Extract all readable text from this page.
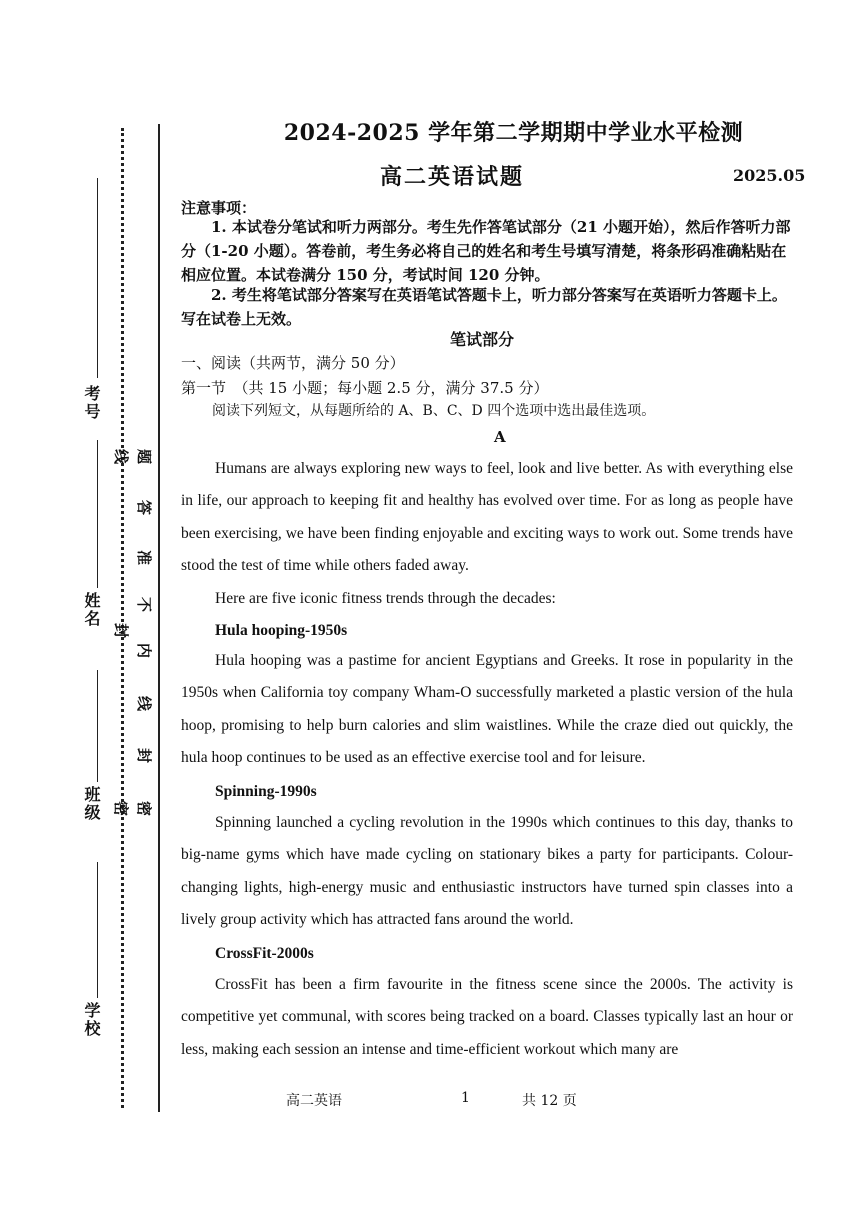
考号
姓名
班级
学校
线
封
密
题
答
准
不
内
线
封
密
2024-2025 学年第二学期期中学业水平检测
高二英语试题	2025.05
注意事项：
1. 本试卷分笔试和听力两部分。考生先作答笔试部分（21 小题开始），然后作答听力部分（1-20 小题）。答卷前，考生务必将自己的姓名和考生号填写清楚，将条形码准确粘贴在相应位置。本试卷满分 150 分，考试时间 120 分钟。
2. 考生将笔试部分答案写在英语笔试答题卡上，听力部分答案写在英语听力答题卡上。写在试卷上无效。
笔试部分
一、阅读（共两节，满分 50 分）
第一节　（共 15 小题；每小题 2.5 分，满分 37.5 分）
阅读下列短文，从每题所给的 A、B、C、D 四个选项中选出最佳选项。
A
Humans are always exploring new ways to feel, look and live better. As with everything else in life, our approach to keeping fit and healthy has evolved over time. For as long as people have been exercising, we have been finding enjoyable and exciting ways to work out. Some trends have stood the test of time while others faded away.
Here are five iconic fitness trends through the decades:
Hula hooping-1950s
Hula hooping was a pastime for ancient Egyptians and Greeks. It rose in popularity in the 1950s when California toy company Wham-O successfully marketed a plastic version of the hula hoop, promising to help burn calories and slim waistlines. While the craze died out quickly, the hula hoop continues to be used as an effective exercise tool and for leisure.
Spinning-1990s
Spinning launched a cycling revolution in the 1990s which continues to this day, thanks to big-name gyms which have made cycling on stationary bikes a party for participants. Colour-changing lights, high-energy music and enthusiastic instructors have turned spin classes into a lively group activity which has attracted fans around the world.
CrossFit-2000s
CrossFit has been a firm favourite in the fitness scene since the 2000s. The activity is competitive yet communal, with scores being tracked on a board. Classes typically last an hour or less, making each session an intense and time-efficient workout which many are
高二英语	1	共 12 页
